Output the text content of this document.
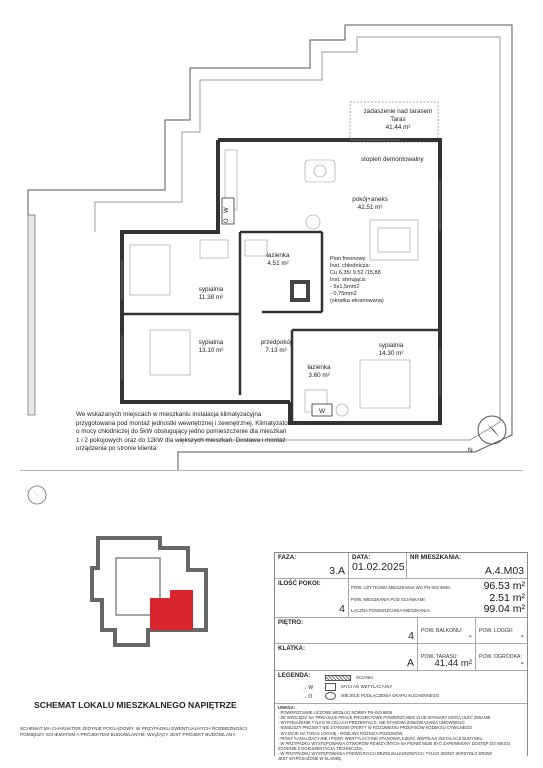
W
O
W
N
zadaszenie nad tarasem
Taras
41.44 m²
stopień demontowalny
pokój+aneks
42.51 m²
łazienka
4.51 m²
sypialnia
11.38 m²
sypialnia
13.10 m²
przedpokój
7.13 m²
łazienka
3.60 m²
sypialnia
14.30 m²
Pion freonowy
Inst. chłodnicza:
Cu 6,35/ 9,52 /15,88
Inst. sterująca:
- 5x1,5mm2
- 0,75mm2
(skrętka ekranowana)
We wskazanych miejscach w mieszkaniu instalacja klimatyzacyjna
przygotowana pod montaż jednostki wewnętrznej i zewnętrznej. Klimatyzator
o mocy chłodniczej do 5kW obsługujący jedno pomieszczenie dla mieszkań
1 i 2 pokojowych oraz do 12kW dla większych mieszkań. Dostawa i montaż
urządzenia po stronie klienta.
SCHEMAT LOKALU MIESZKALNEGO NAPIĘTRZE
SCHEMAT MA CHARAKTER JEDYNIE POGLĄDOWY. W PRZYPADKU EWENTUALNYCH ROZBIEŻNOŚCI
POMIĘDZY SCHEMATEM A PROJEKTEM BUDOWLANYM, WIĄŻĄCY JEST PROJEKT BUDOWLANY.
FAZA:
3.A
DATA:
01.02.2025
NR MIESZKANIA:
A.4.M03
ILOŚĆ POKOI:
4
POW. UŻYTKOWA MIESZKANIA WG PN-ISO 9836:	96.53 m²
POW. MIESZKANIA POD ŚCIANKAMI:	2.51 m²
ŁĄCZNA POWIERZCHNIA MIESZKANIA:	99.04 m²
PIĘTRO:
4	POW. BALKONU: -	POW. LOGGII: -
KLATKA:
A	POW. TARASU:
41.44 m²
POW. OGRÓDKA:
-
LEGENDA:	ŚCIANKI
WYCI AG WETYLACYJNY
MIEJSCE PODŁĄCZENIA OKAPU KUCHENNEGO
→ W
→ O
UWAGA:
- POWIERZCHNIE LICZONE WEDŁUG NORMY PN-ISO 9836
- ZE WZGLĘDU NA TRWAJĄCE PRACE PROJEKTOWE POWIERZCHNIE I/LUB WYMIARY MOGĄ ULEC ZMIANIE
- WYPOSAŻENIE TYLKO W CELACH PREZENTACJI, NIE STANOWI ZOBOWIĄZANIA UMOWNEGO
- NINIEJSZY PROJEKT NIE STANOWI OFERTY W ROZUMIENIU PRZEPISÓW KODEKSU CYWILNEGO
- WYJŚCIE NA TARAS LOGGIĘ - MOŻLIWA RÓŻNICA POZIOMÓW
- PIONY KANALIZACYJNE I PIONY WENTYLACYJNE STANOWIĄ CZĘŚĆ WSPÓLNĄ INSTALACJI BUDYNKU
- W PRZYPADKU WYSTĘPOWANIA OTWORÓW REWIZYJNYCH NA PIONIE MUSI BYĆ ZAPEWNIONY DOSTĘP DO NIEGO,
ZGODNIE Z DOKUMENTACJĄ TECHNICZNĄ
- W PRZYPADKU WYSTĘPOWANIA PODWÓJNYCH DRZWI BALKONOWYCH, TYLKO JEDNO SKRZYDŁO DRZWI
JEST WYPOSAŻONE W KLAMKĘ.
